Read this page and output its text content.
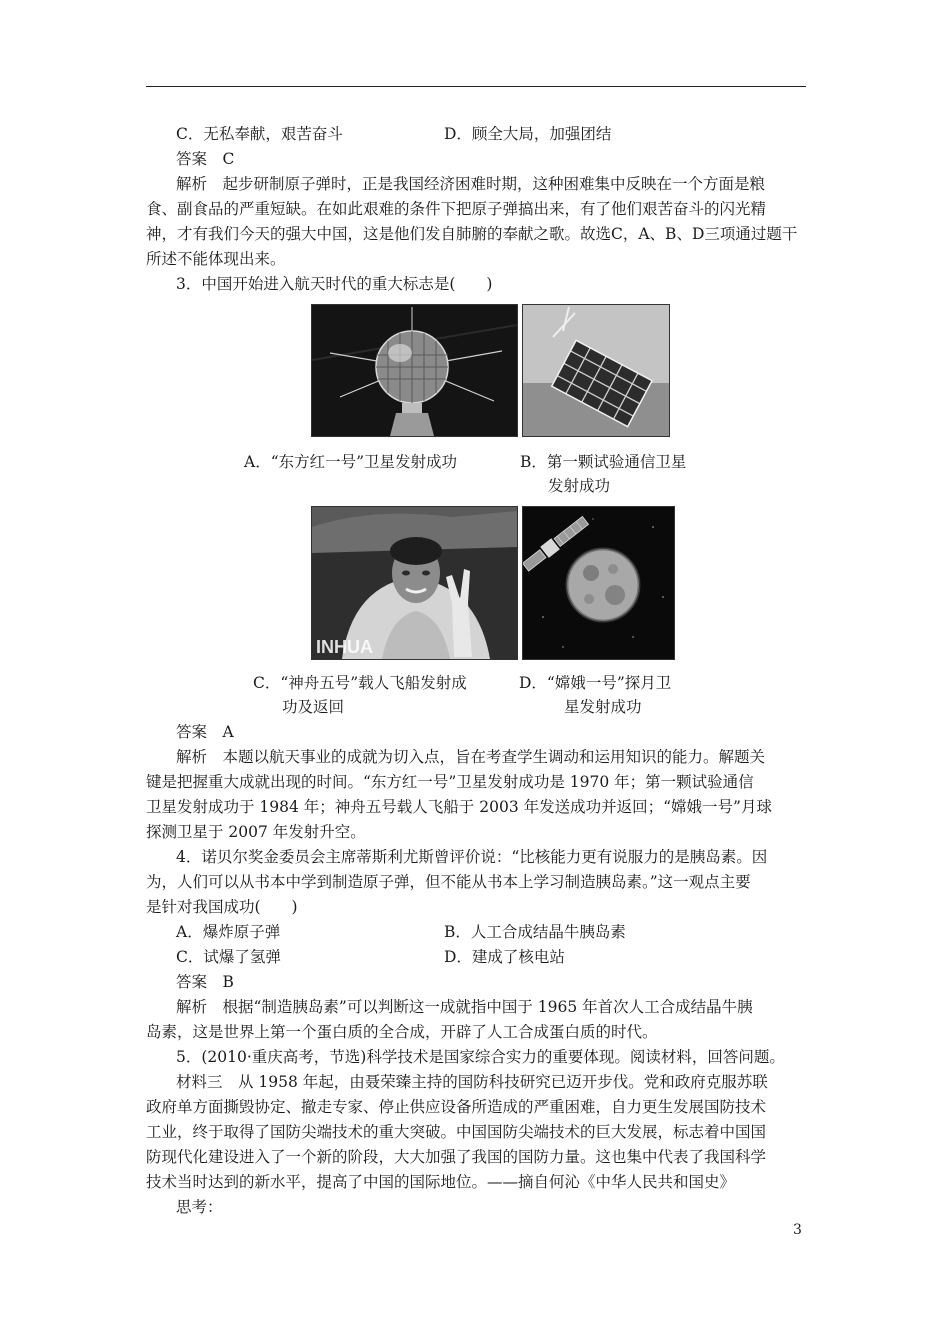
C．无私奉献，艰苦奋斗	D．顾全大局，加强团结
答案　C
解析　起步研制原子弹时，正是我国经济困难时期，这种困难集中反映在一个方面是粮
食、副食品的严重短缺。在如此艰难的条件下把原子弹搞出来，有了他们艰苦奋斗的闪光精
神，才有我们今天的强大中国，这是他们发自肺腑的奉献之歌。故选C，A、B、D三项通过题干
所述不能体现出来。
3．中国开始进入航天时代的重大标志是(　　)
A．“东方红一号”卫星发射成功	B．第一颗试验通信卫星
发射成功
INHUA
C．“神舟五号”载人飞船发射成
功及返回
D．“嫦娥一号”探月卫
星发射成功
答案　A
解析　本题以航天事业的成就为切入点，旨在考查学生调动和运用知识的能力。解题关
键是把握重大成就出现的时间。“东方红一号”卫星发射成功是 1970 年；第一颗试验通信
卫星发射成功于 1984 年；神舟五号载人飞船于 2003 年发送成功并返回；“嫦娥一号”月球
探测卫星于 2007 年发射升空。
4．诺贝尔奖金委员会主席蒂斯利尤斯曾评价说：“比核能力更有说服力的是胰岛素。因
为，人们可以从书本中学到制造原子弹，但不能从书本上学习制造胰岛素。”这一观点主要
是针对我国成功(　　)
A．爆炸原子弹	B．人工合成结晶牛胰岛素
C．试爆了氢弹	D．建成了核电站
答案　B
解析　根据“制造胰岛素”可以判断这一成就指中国于 1965 年首次人工合成结晶牛胰
岛素，这是世界上第一个蛋白质的全合成，开辟了人工合成蛋白质的时代。
5．(2010·重庆高考，节选)科学技术是国家综合实力的重要体现。阅读材料，回答问题。
材料三　从 1958 年起，由聂荣臻主持的国防科技研究已迈开步伐。党和政府克服苏联
政府单方面撕毁协定、撤走专家、停止供应设备所造成的严重困难，自力更生发展国防技术
工业，终于取得了国防尖端技术的重大突破。中国国防尖端技术的巨大发展，标志着中国国
防现代化建设进入了一个新的阶段，大大加强了我国的国防力量。这也集中代表了我国科学
技术当时达到的新水平，提高了中国的国际地位。——摘自何沁《中华人民共和国史》
思考：
3
